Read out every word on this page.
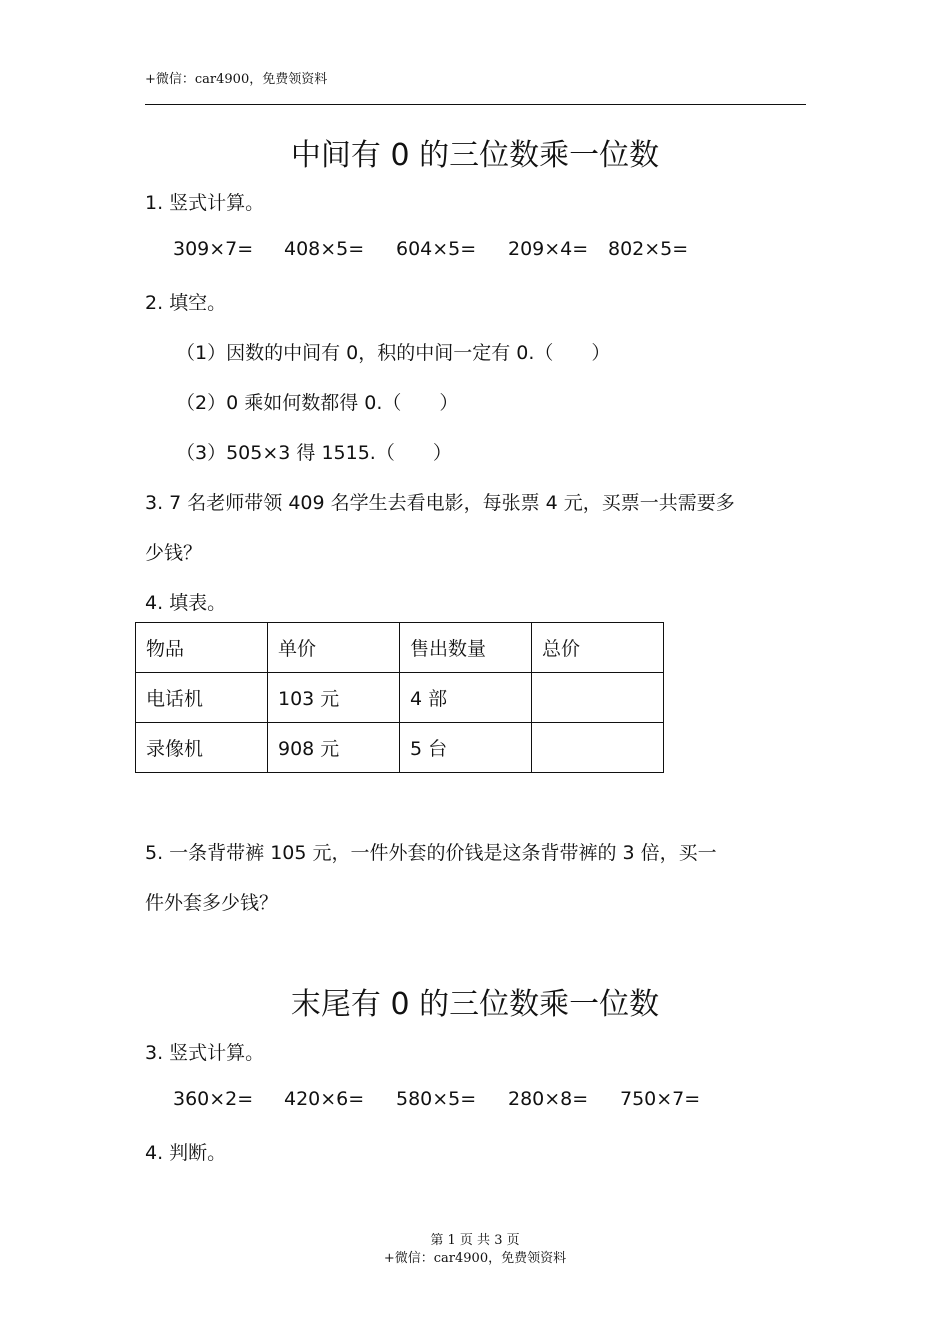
+微信：car4900，免费领资料
中间有 0 的三位数乘一位数
1. 竖式计算。
309×7= 408×5= 604×5= 209×4= 802×5=
2. 填空。
（1）因数的中间有 0，积的中间一定有 0.（　　）
（2）0 乘如何数都得 0.（　　）
（3）505×3 得 1515.（　　）
3. 7 名老师带领 409 名学生去看电影，每张票 4 元，买票一共需要多
少钱？
4. 填表。
物品	单价	售出数量	总价
电话机	103 元	4 部	
录像机	908 元	5 台	
5. 一条背带裤 105 元，一件外套的价钱是这条背带裤的 3 倍，买一
件外套多少钱？
末尾有 0 的三位数乘一位数
3. 竖式计算。
360×2= 420×6= 580×5= 280×8= 750×7=
4. 判断。
第 1 页 共 3 页
+微信：car4900，免费领资料
